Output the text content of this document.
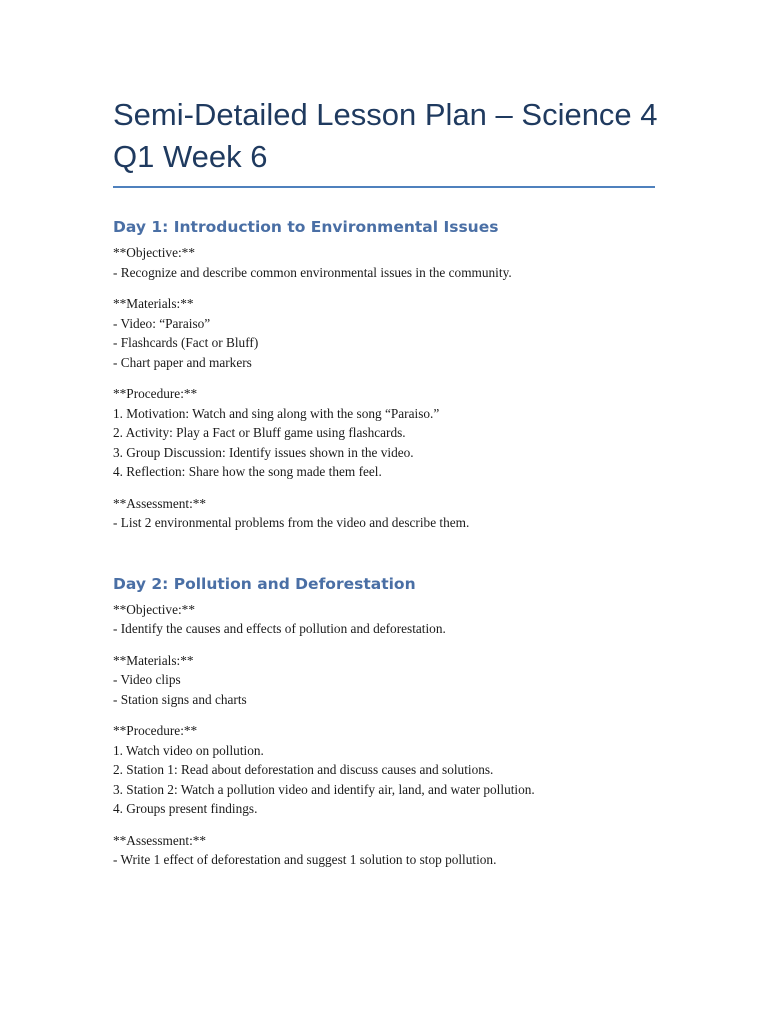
Semi-Detailed Lesson Plan – Science 4
Q1 Week 6
Day 1: Introduction to Environmental Issues
**Objective:**
- Recognize and describe common environmental issues in the community.
**Materials:**
- Video: “Paraiso”
- Flashcards (Fact or Bluff)
- Chart paper and markers
**Procedure:**
1. Motivation: Watch and sing along with the song “Paraiso.”
2. Activity: Play a Fact or Bluff game using flashcards.
3. Group Discussion: Identify issues shown in the video.
4. Reflection: Share how the song made them feel.
**Assessment:**
- List 2 environmental problems from the video and describe them.
Day 2: Pollution and Deforestation
**Objective:**
- Identify the causes and effects of pollution and deforestation.
**Materials:**
- Video clips
- Station signs and charts
**Procedure:**
1. Watch video on pollution.
2. Station 1: Read about deforestation and discuss causes and solutions.
3. Station 2: Watch a pollution video and identify air, land, and water pollution.
4. Groups present findings.
**Assessment:**
- Write 1 effect of deforestation and suggest 1 solution to stop pollution.
